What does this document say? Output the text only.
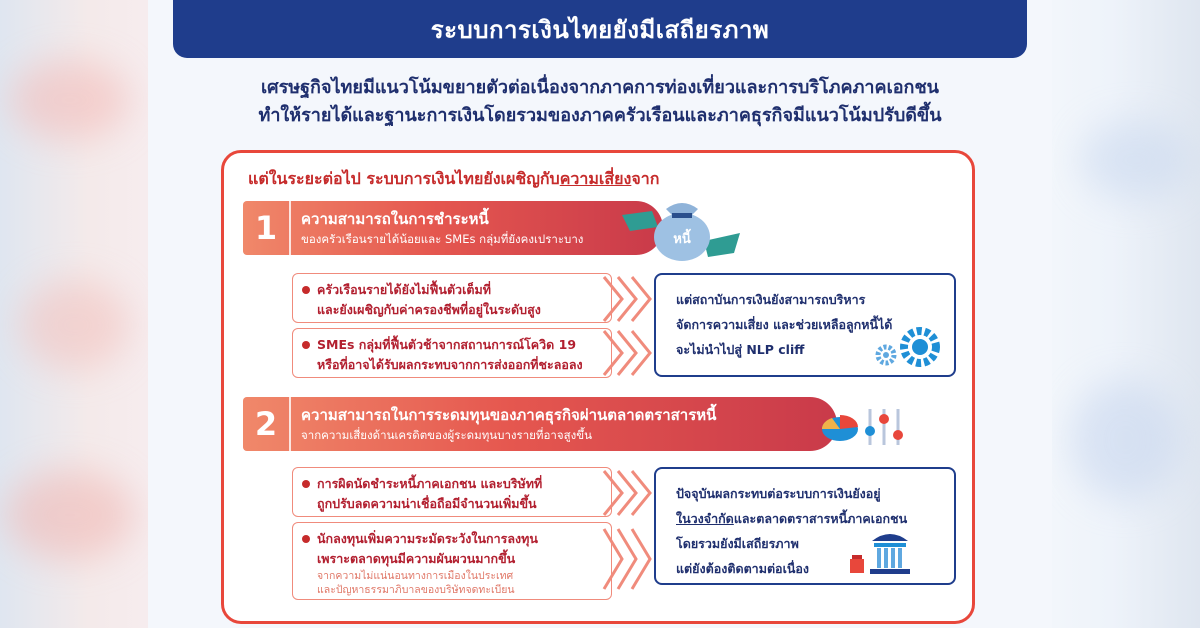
ระบบการเงินไทยยังมีเสถียรภาพ
เศรษฐกิจไทยมีแนวโน้มขยายตัวต่อเนื่องจากภาคการท่องเที่ยวและการบริโภคภาคเอกชน
ทำให้รายได้และฐานะการเงินโดยรวมของภาคครัวเรือนและภาคธุรกิจมีแนวโน้มปรับดีขึ้น
แต่ในระยะต่อไป ระบบการเงินไทยยังเผชิญกับความเสี่ยงจาก
1	ความสามารถในการชำระหนี้
ของครัวเรือนรายได้น้อยและ SMEs กลุ่มที่ยังคงเปราะบาง	หนี้
ครัวเรือนรายได้ยังไม่ฟื้นตัวเต็มที่
และยังเผชิญกับค่าครองชีพที่อยู่ในระดับสูง
SMEs กลุ่มที่ฟื้นตัวช้าจากสถานการณ์โควิด 19
หรือที่อาจได้รับผลกระทบจากการส่งออกที่ชะลอลง
แต่สถาบันการเงินยังสามารถบริหาร
จัดการความเสี่ยง และช่วยเหลือลูกหนี้ได้
จะไม่นำไปสู่ NLP cliff
2	ความสามารถในการระดมทุนของภาคธุรกิจผ่านตลาดตราสารหนี้
จากความเสี่ยงด้านเครดิตของผู้ระดมทุนบางรายที่อาจสูงขึ้น
การผิดนัดชำระหนี้ภาคเอกชน และบริษัทที่
ถูกปรับลดความน่าเชื่อถือมีจำนวนเพิ่มขึ้น
นักลงทุนเพิ่มความระมัดระวังในการลงทุน
เพราะตลาดทุนมีความผันผวนมากขึ้น
จากความไม่แน่นอนทางการเมืองในประเทศ
และปัญหาธรรมาภิบาลของบริษัทจดทะเบียน
ปัจจุบันผลกระทบต่อระบบการเงินยังอยู่
ในวงจำกัดและตลาดตราสารหนี้ภาคเอกชน
โดยรวมยังมีเสถียรภาพ
แต่ยังต้องติดตามต่อเนื่อง
